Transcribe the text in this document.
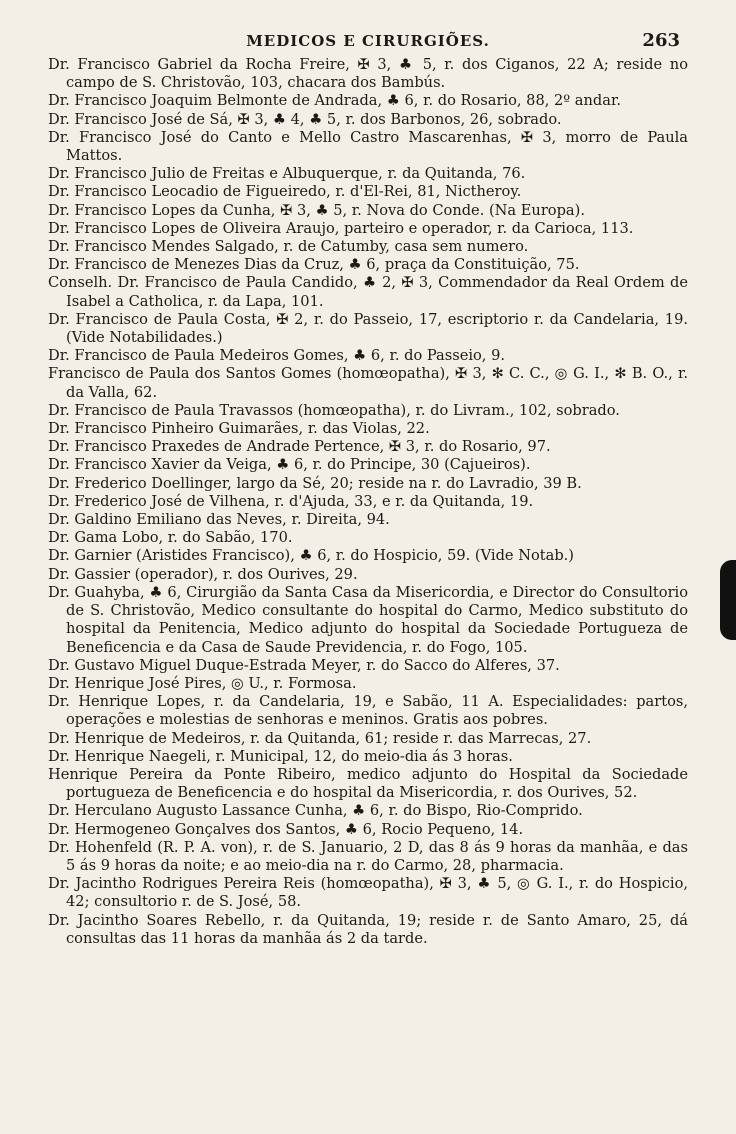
MEDICOS E CIRURGIÕES.	263
Dr. Francisco Gabriel da Rocha Freire, ✠ 3, ♣ 5, r. dos Ciganos, 22 A; reside no campo de S. Christovão, 103, chacara dos Bambús.
Dr. Francisco Joaquim Belmonte de Andrada, ♣ 6, r. do Rosario, 88, 2º andar.
Dr. Francisco José de Sá, ✠ 3, ♣ 4, ♣ 5, r. dos Barbonos, 26, sobrado.
Dr. Francisco José do Canto e Mello Castro Mascarenhas, ✠ 3, morro de Paula Mattos.
Dr. Francisco Julio de Freitas e Albuquerque, r. da Quitanda, 76.
Dr. Francisco Leocadio de Figueiredo, r. d'El-Rei, 81, Nictheroy.
Dr. Francisco Lopes da Cunha, ✠ 3, ♣ 5, r. Nova do Conde. (Na Europa).
Dr. Francisco Lopes de Oliveira Araujo, parteiro e operador, r. da Carioca, 113.
Dr. Francisco Mendes Salgado, r. de Catumby, casa sem numero.
Dr. Francisco de Menezes Dias da Cruz, ♣ 6, praça da Constituição, 75.
Conselh. Dr. Francisco de Paula Candido, ♣ 2, ✠ 3, Commendador da Real Ordem de Isabel a Catholica, r. da Lapa, 101.
Dr. Francisco de Paula Costa, ✠ 2, r. do Passeio, 17, escriptorio r. da Candelaria, 19. (Vide Notabilidades.)
Dr. Francisco de Paula Medeiros Gomes, ♣ 6, r. do Passeio, 9.
Francisco de Paula dos Santos Gomes (homœopatha), ✠ 3, ✻ C. C., ◎ G. I., ✻ B. O., r. da Valla, 62.
Dr. Francisco de Paula Travassos (homœopatha), r. do Livram., 102, sobrado.
Dr. Francisco Pinheiro Guimarães, r. das Violas, 22.
Dr. Francisco Praxedes de Andrade Pertence, ✠ 3, r. do Rosario, 97.
Dr. Francisco Xavier da Veiga, ♣ 6, r. do Principe, 30 (Cajueiros).
Dr. Frederico Doellinger, largo da Sé, 20; reside na r. do Lavradio, 39 B.
Dr. Frederico José de Vilhena, r. d'Ajuda, 33, e r. da Quitanda, 19.
Dr. Galdino Emiliano das Neves, r. Direita, 94.
Dr. Gama Lobo, r. do Sabão, 170.
Dr. Garnier (Aristides Francisco), ♣ 6, r. do Hospicio, 59. (Vide Notab.)
Dr. Gassier (operador), r. dos Ourives, 29.
Dr. Guahyba, ♣ 6, Cirurgião da Santa Casa da Misericordia, e Director do Consultorio de S. Christovão, Medico consultante do hospital do Carmo, Medico substituto do hospital da Penitencia, Medico adjunto do hospital da Sociedade Portugueza de Beneficencia e da Casa de Saude Previdencia, r. do Fogo, 105.
Dr. Gustavo Miguel Duque-Estrada Meyer, r. do Sacco do Alferes, 37.
Dr. Henrique José Pires, ◎ U., r. Formosa.
Dr. Henrique Lopes, r. da Candelaria, 19, e Sabão, 11 A. Especialidades: partos, operações e molestias de senhoras e meninos. Gratis aos pobres.
Dr. Henrique de Medeiros, r. da Quitanda, 61; reside r. das Marrecas, 27.
Dr. Henrique Naegeli, r. Municipal, 12, do meio-dia ás 3 horas.
Henrique Pereira da Ponte Ribeiro, medico adjunto do Hospital da Sociedade portugueza de Beneficencia e do hospital da Misericordia, r. dos Ourives, 52.
Dr. Herculano Augusto Lassance Cunha, ♣ 6, r. do Bispo, Rio-Comprido.
Dr. Hermogeneo Gonçalves dos Santos, ♣ 6, Rocio Pequeno, 14.
Dr. Hohenfeld (R. P. A. von), r. de S. Januario, 2 D, das 8 ás 9 horas da manhãa, e das 5 ás 9 horas da noite; e ao meio-dia na r. do Carmo, 28, pharmacia.
Dr. Jacintho Rodrigues Pereira Reis (homœopatha), ✠ 3, ♣ 5, ◎ G. I., r. do Hospicio, 42; consultorio r. de S. José, 58.
Dr. Jacintho Soares Rebello, r. da Quitanda, 19; reside r. de Santo Amaro, 25, dá consultas das 11 horas da manhãa ás 2 da tarde.
